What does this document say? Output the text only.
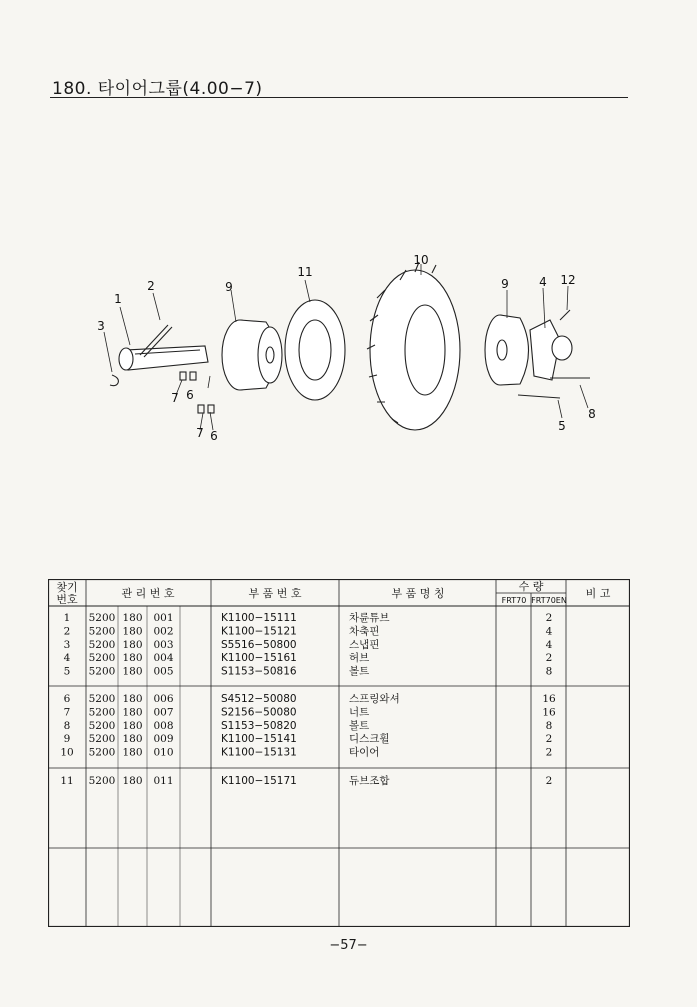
180. 타이어그룹(4.00−7)
1
2
3
4
5
6
6
7
7
8
9	9
10
11
12
찾기
번호	관 리 번 호	부 품 번 호	부 품 명 칭
수 량
FRT70 FRT70EN
비 고
1 5200 180 001	K1100−15111	차륜튜브	2
2 5200 180 002	K1100−15121	차축핀	4
3 5200 180 003	S5516−50800	스냅핀	4
4 5200 180 004	K1100−15161	허브	2
5 5200 180 005	S1153−50816	볼트	8
6 5200 180 006	S4512−50080	스프링와셔	16
7 5200 180 007	S2156−50080	너트	16
8 5200 180 008	S1153−50820	볼트	8
9 5200 180 009	K1100−15141	디스크휠	2
10 5200 180 010	K1100−15131	타이어	2
11 5200 180 011	K1100−15171	듀브조합	2
−57−
